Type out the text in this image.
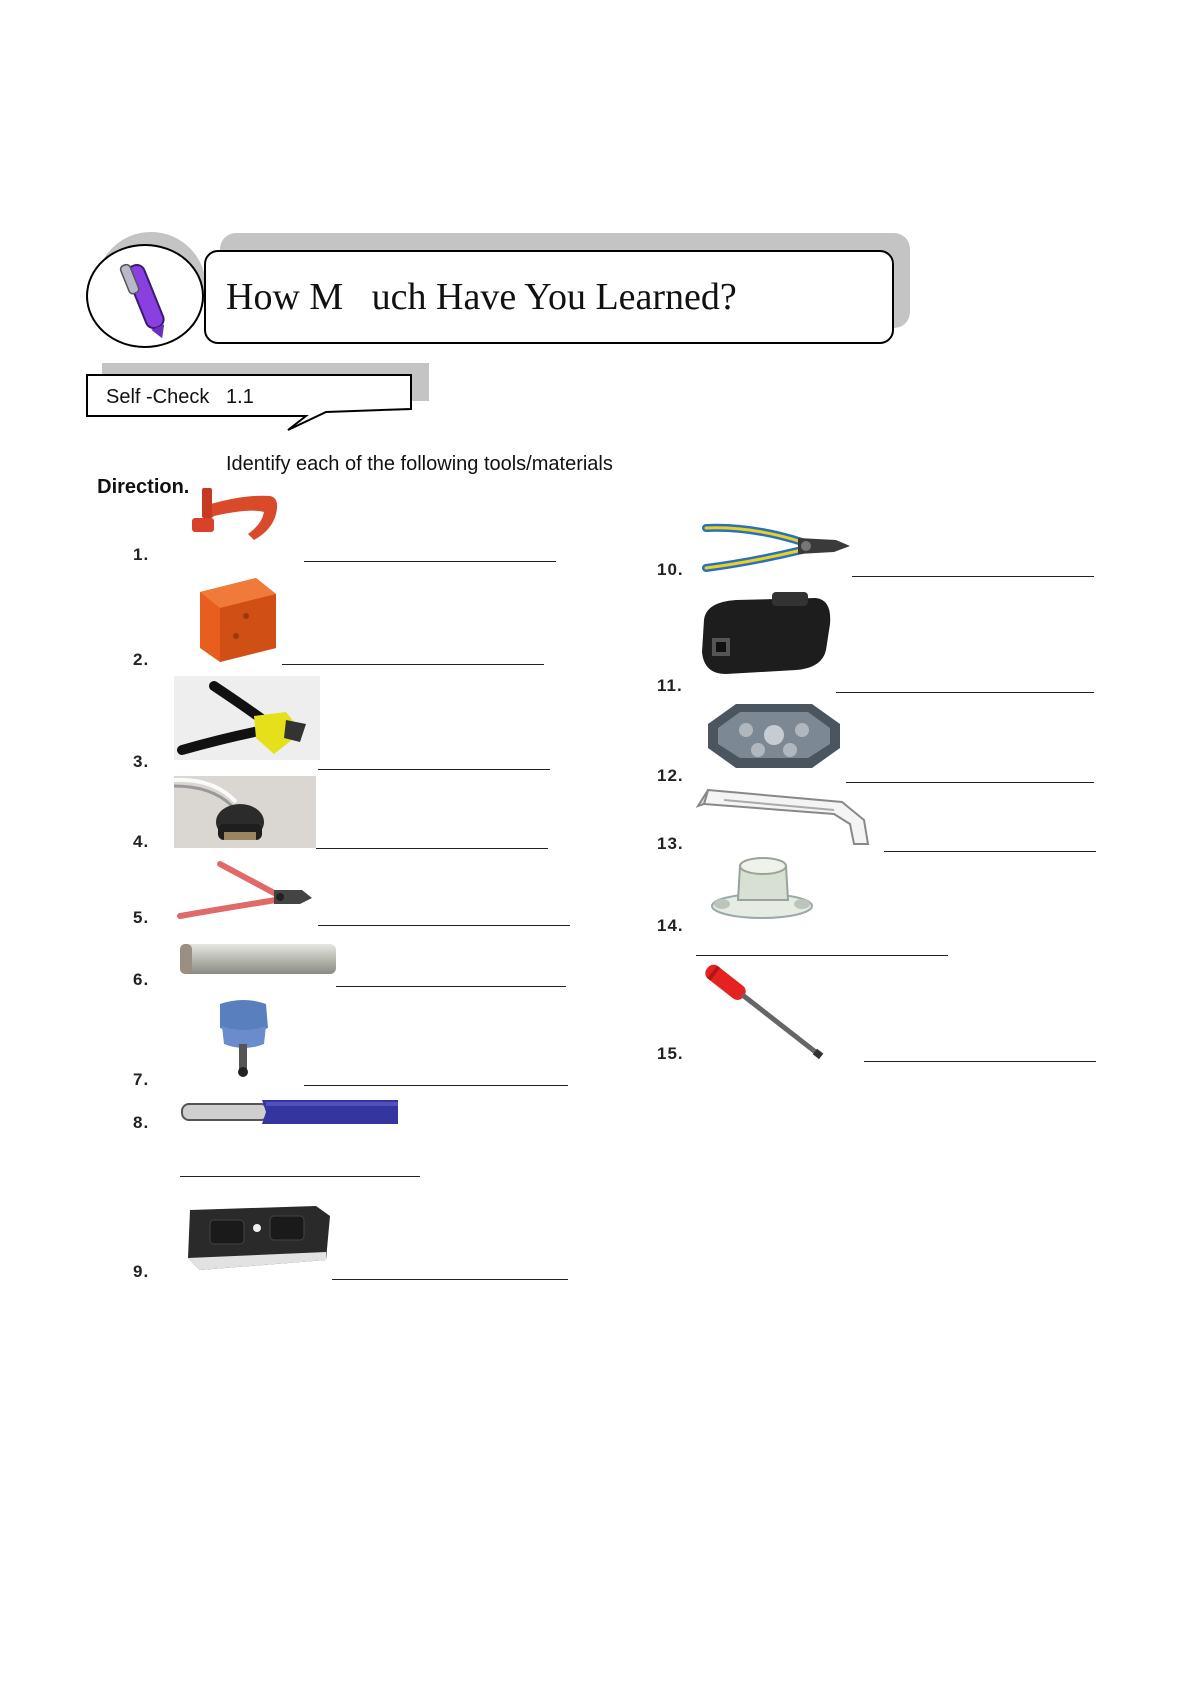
How M   uch Have You Learned?
Self -Check   1.1

Direction.

Identify each of the following tools/materials

1.
2.
3.
4.
5.
6.
7.
8.
9.
10.
11.
12.
13.
14.
15.
